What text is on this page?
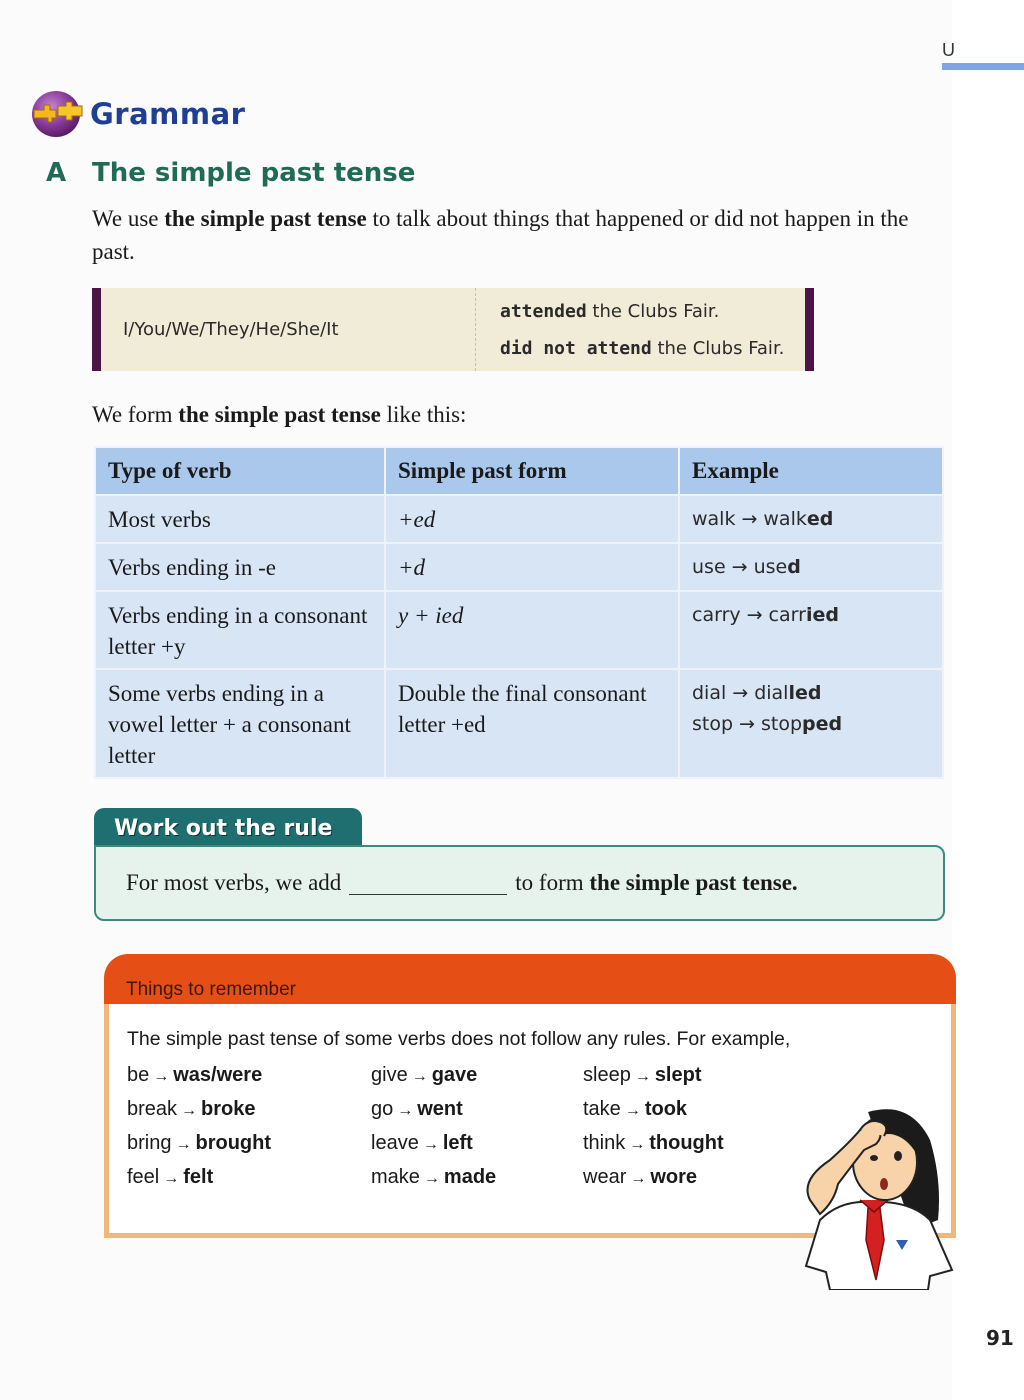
U
Grammar
A The simple past tense
We use the simple past tense to talk about things that happened or did not happen in the past.
I/You/We/They/He/She/It
attended the Clubs Fair.
did not attend the Clubs Fair.
We form the simple past tense like this:
Type of verb	Simple past form	Example
Most verbs	+ed	walk → walked

Verbs ending in -e	+d	use → used

Verbs ending in a consonant letter +y	y + ied	carry → carried

Some verbs ending in a vowel letter + a consonant letter	Double the final consonant letter +ed	dial → dialled
stop → stopped
Work out the rule
For most verbs, we add	to form
the simple past tense.
Things to remember
The simple past tense of some verbs does not follow any rules. For example,
be → was/were	give → gave	sleep → slept
break → broke	go → went	take → took
bring → brought	leave → left	think → thought
feel → felt	make → made	wear → wore
91
